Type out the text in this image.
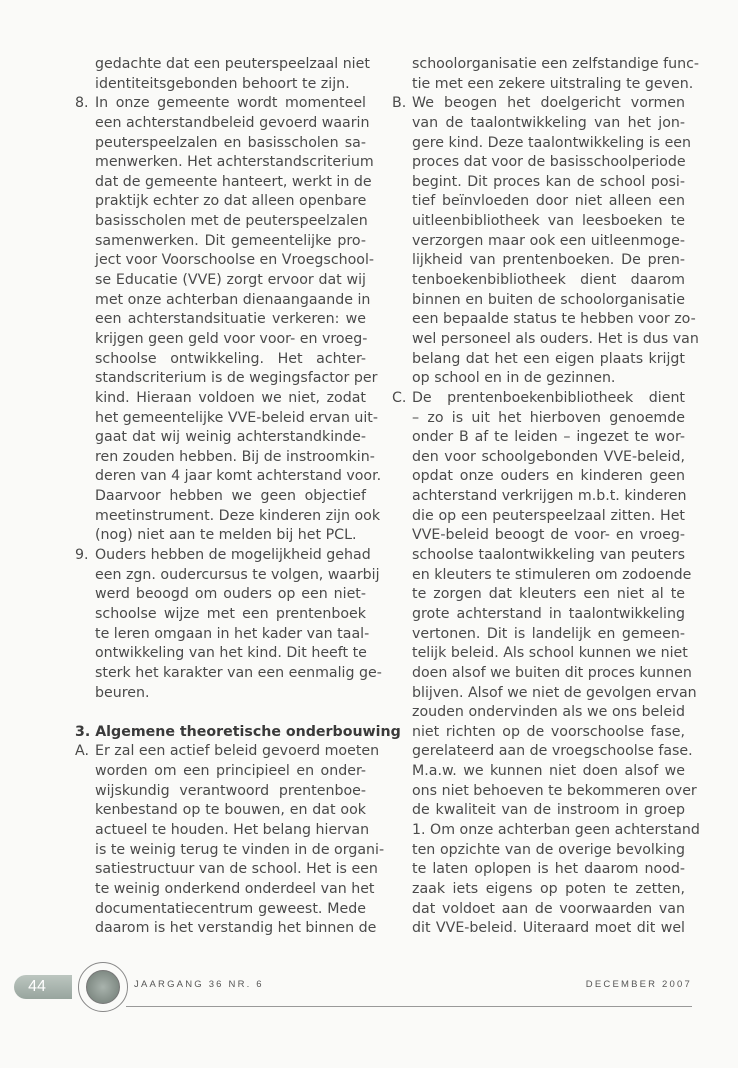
gedachte dat een peuterspeelzaal niet
identiteitsgebonden behoort te zijn.
In onze gemeente wordt momenteel
8.
een achterstandbeleid gevoerd waarin
peuterspeelzalen en basisscholen sa-
menwerken. Het achterstandscriterium
dat de gemeente hanteert, werkt in de
praktijk echter zo dat alleen openbare
basisscholen met de peuterspeelzalen
samenwerken. Dit gemeentelijke pro-
ject voor Voorschoolse en Vroegschool-
se Educatie (VVE) zorgt ervoor dat wij
met onze achterban dienaangaande in
een achterstandsituatie verkeren: we
krijgen geen geld voor voor- en vroeg-
schoolse ontwikkeling. Het achter-
standscriterium is de wegingsfactor per
kind. Hieraan voldoen we niet, zodat
het gemeentelijke VVE-beleid ervan uit-
gaat dat wij weinig achterstandkinde-
ren zouden hebben. Bij de instroomkin-
deren van 4 jaar komt achterstand voor.
Daarvoor hebben we geen objectief
meetinstrument. Deze kinderen zijn ook
(nog) niet aan te melden bij het PCL.
Ouders hebben de mogelijkheid gehad
9.
een zgn. oudercursus te volgen, waarbij
werd beoogd om ouders op een niet-
schoolse wijze met een prentenboek
te leren omgaan in het kader van taal-
ontwikkeling van het kind. Dit heeft te
sterk het karakter van een eenmalig ge-
beuren.
3. Algemene theoretische onderbouwing
Er zal een actief beleid gevoerd moeten
A.
worden om een principieel en onder-
wijskundig verantwoord prentenboe-
kenbestand op te bouwen, en dat ook
actueel te houden. Het belang hiervan
is te weinig terug te vinden in de organi-
satiestructuur van de school. Het is een
te weinig onderkend onderdeel van het
documentatiecentrum geweest. Mede
daarom is het verstandig het binnen de
schoolorganisatie een zelfstandige func-
tie met een zekere uitstraling te geven.
We beogen het doelgericht vormen
B.
van de taalontwikkeling van het jon-
gere kind. Deze taalontwikkeling is een
proces dat voor de basisschoolperiode
begint. Dit proces kan de school posi-
tief beïnvloeden door niet alleen een
uitleenbibliotheek van leesboeken te
verzorgen maar ook een uitleenmoge-
lijkheid van prentenboeken. De pren-
tenboekenbibliotheek dient daarom
binnen en buiten de schoolorganisatie
een bepaalde status te hebben voor zo-
wel personeel als ouders. Het is dus van
belang dat het een eigen plaats krijgt
op school en in de gezinnen.
De prentenboekenbibliotheek dient
C.
– zo is uit het hierboven genoemde
onder B af te leiden – ingezet te wor-
den voor schoolgebonden VVE-beleid,
opdat onze ouders en kinderen geen
achterstand verkrijgen m.b.t. kinderen
die op een peuterspeelzaal zitten. Het
VVE-beleid beoogt de voor- en vroeg-
schoolse taalontwikkeling van peuters
en kleuters te stimuleren om zodoende
te zorgen dat kleuters een niet al te
grote achterstand in taalontwikkeling
vertonen. Dit is landelijk en gemeen-
telijk beleid. Als school kunnen we niet
doen alsof we buiten dit proces kunnen
blijven. Alsof we niet de gevolgen ervan
zouden ondervinden als we ons beleid
niet richten op de voorschoolse fase,
gerelateerd aan de vroegschoolse fase.
M.a.w. we kunnen niet doen alsof we
ons niet behoeven te bekommeren over
de kwaliteit van de instroom in groep
1. Om onze achterban geen achterstand
ten opzichte van de overige bevolking
te laten oplopen is het daarom nood-
zaak iets eigens op poten te zetten,
dat voldoet aan de voorwaarden van
dit VVE-beleid. Uiteraard moet dit wel
44	JAARGANG 36 NR. 6	DECEMBER 2007
